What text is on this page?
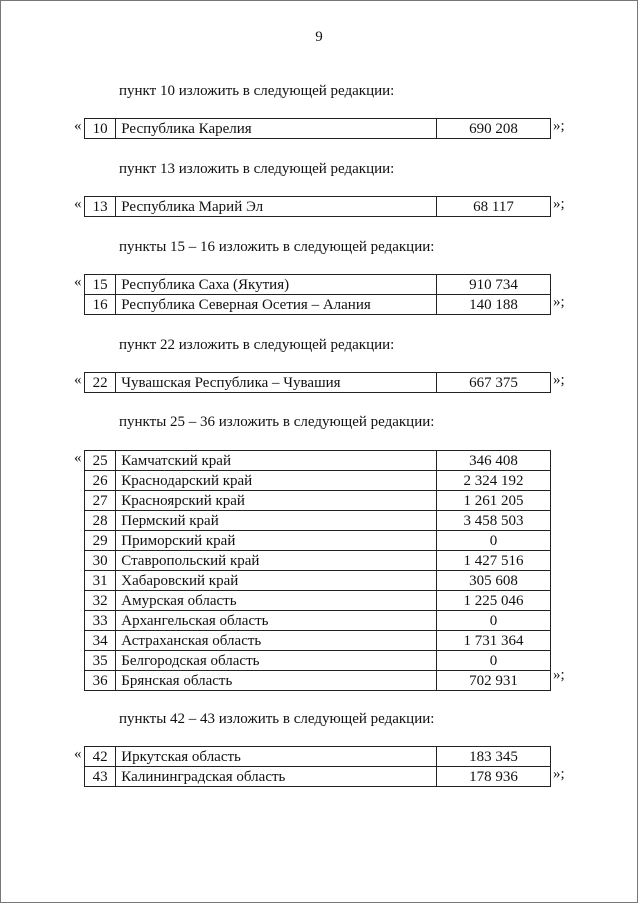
9
пункт 10 изложить в следующей редакции:
« 10	Республика Карелия	690 208 »;
пункт 13 изложить в следующей редакции:
« 13	Республика Марий Эл	68 117	»;
пункты 15 – 16 изложить в следующей редакции:
« 15	Республика Саха (Якутия)	910 734
16	Республика Северная Осетия – Алания	140 188 »;
пункт 22 изложить в следующей редакции:
« 22	Чувашская Республика – Чувашия	667 375 »;
пункты 25 – 36 изложить в следующей редакции:
« 25	Камчатский край	346 408
26	Краснодарский край	2 324 192
27	Красноярский край	1 261 205
28	Пермский край	3 458 503
29	Приморский край	0
30	Ставропольский край	1 427 516
31	Хабаровский край	305 608
32	Амурская область	1 225 046
33	Архангельская область	0
34	Астраханская область	1 731 364
35	Белгородская область	0
36	Брянская область	702 931 »;
пункты 42 – 43 изложить в следующей редакции:
« 42	Иркутская область	183 345
43	Калининградская область	178 936 »;
